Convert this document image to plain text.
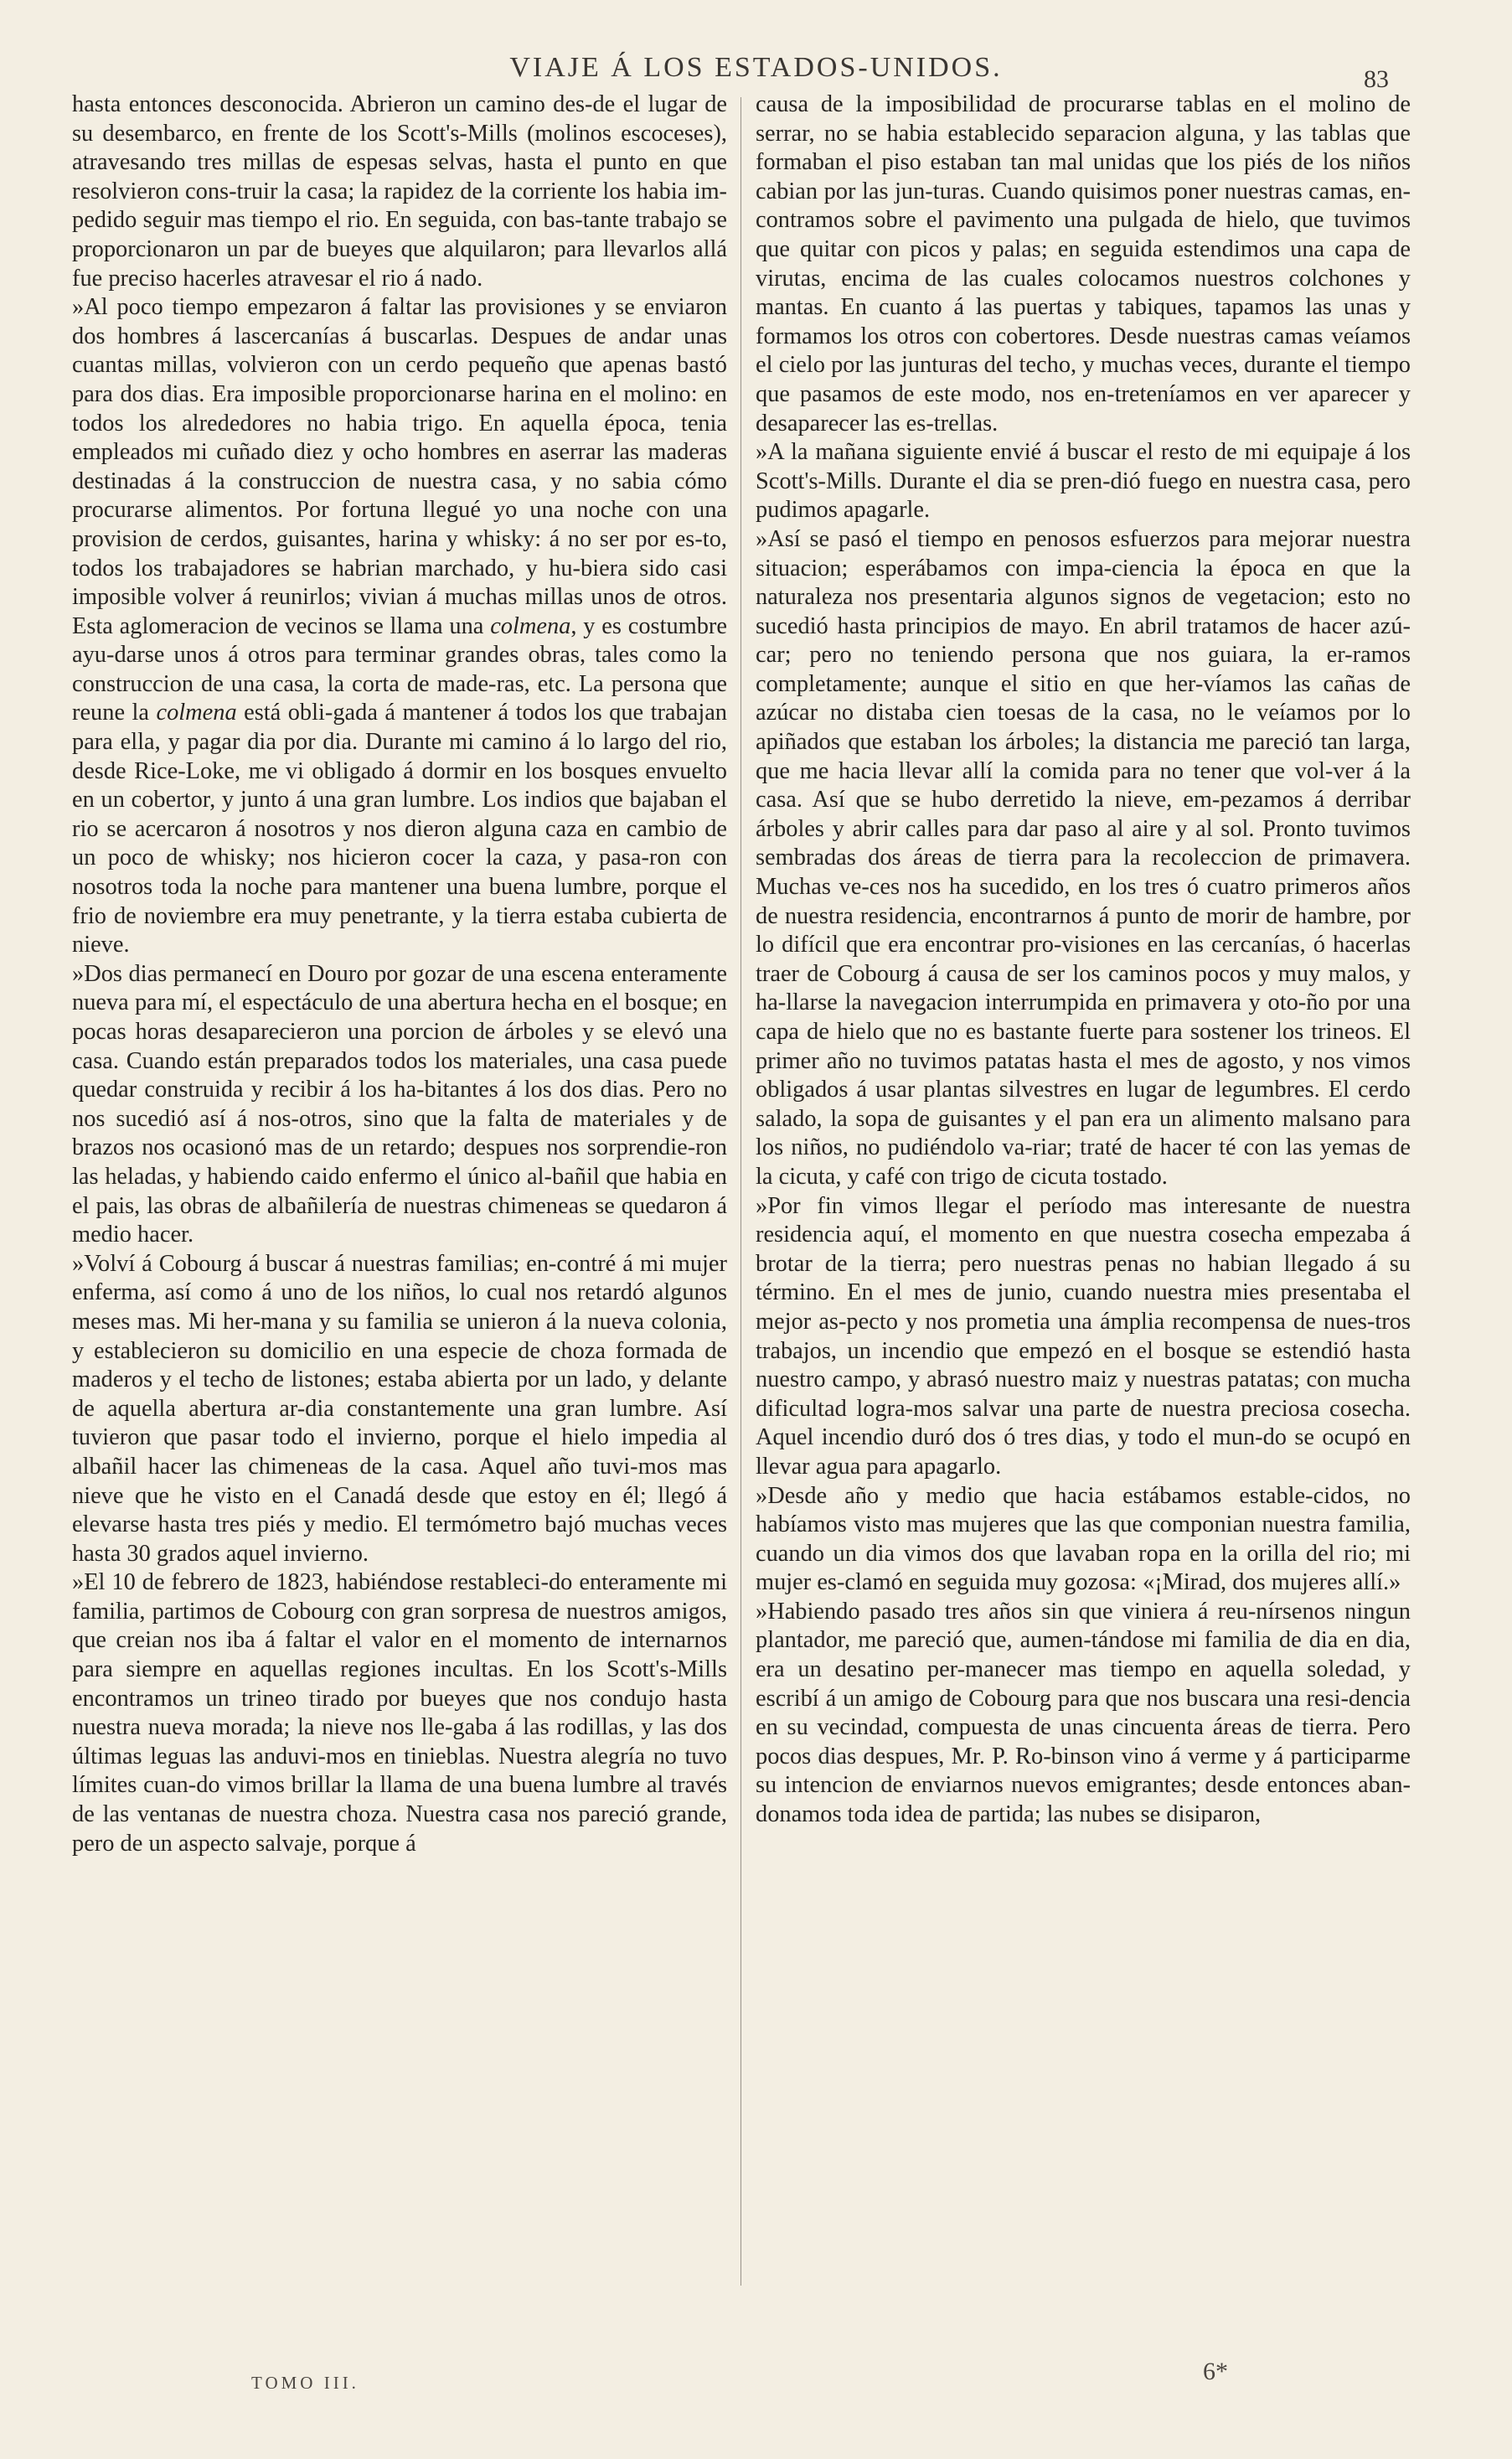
VIAJE Á LOS ESTADOS-UNIDOS.	83

hasta entonces desconocida. Abrieron un camino des-de el lugar de su desembarco, en frente de los Scott's-Mills (molinos escoceses), atravesando tres millas de espesas selvas, hasta el punto en que resolvieron cons-truir la casa; la rapidez de la corriente los habia im-pedido seguir mas tiempo el rio. En seguida, con bas-tante trabajo se proporcionaron un par de bueyes que alquilaron; para llevarlos allá fue preciso hacerles atravesar el rio á nado.

»Al poco tiempo empezaron á faltar las provisiones y se enviaron dos hombres á lascercanías á buscarlas. Despues de andar unas cuantas millas, volvieron con un cerdo pequeño que apenas bastó para dos dias. Era imposible proporcionarse harina en el molino: en todos los alrededores no habia trigo. En aquella época, tenia empleados mi cuñado diez y ocho hombres en aserrar las maderas destinadas á la construccion de nuestra casa, y no sabia cómo procurarse alimentos. Por fortuna llegué yo una noche con una provision de cerdos, guisantes, harina y whisky: á no ser por es-to, todos los trabajadores se habrian marchado, y hu-biera sido casi imposible volver á reunirlos; vivian á muchas millas unos de otros. Esta aglomeracion de vecinos se llama una colmena, y es costumbre ayu-darse unos á otros para terminar grandes obras, tales como la construccion de una casa, la corta de made-ras, etc. La persona que reune la colmena está obli-gada á mantener á todos los que trabajan para ella, y pagar dia por dia. Durante mi camino á lo largo del rio, desde Rice-Loke, me vi obligado á dormir en los bosques envuelto en un cobertor, y junto á una gran lumbre. Los indios que bajaban el rio se acercaron á nosotros y nos dieron alguna caza en cambio de un poco de whisky; nos hicieron cocer la caza, y pasa-ron con nosotros toda la noche para mantener una buena lumbre, porque el frio de noviembre era muy penetrante, y la tierra estaba cubierta de nieve.

»Dos dias permanecí en Douro por gozar de una escena enteramente nueva para mí, el espectáculo de una abertura hecha en el bosque; en pocas horas desaparecieron una porcion de árboles y se elevó una casa. Cuando están preparados todos los materiales, una casa puede quedar construida y recibir á los ha-bitantes á los dos dias. Pero no nos sucedió así á nos-otros, sino que la falta de materiales y de brazos nos ocasionó mas de un retardo; despues nos sorprendie-ron las heladas, y habiendo caido enfermo el único al-bañil que habia en el pais, las obras de albañilería de nuestras chimeneas se quedaron á medio hacer.

»Volví á Cobourg á buscar á nuestras familias; en-contré á mi mujer enferma, así como á uno de los niños, lo cual nos retardó algunos meses mas. Mi her-mana y su familia se unieron á la nueva colonia, y establecieron su domicilio en una especie de choza formada de maderos y el techo de listones; estaba abierta por un lado, y delante de aquella abertura ar-dia constantemente una gran lumbre. Así tuvieron que pasar todo el invierno, porque el hielo impedia al albañil hacer las chimeneas de la casa. Aquel año tuvi-mos mas nieve que he visto en el Canadá desde que estoy en él; llegó á elevarse hasta tres piés y medio. El termómetro bajó muchas veces hasta 30 grados aquel invierno.

»El 10 de febrero de 1823, habiéndose restableci-do enteramente mi familia, partimos de Cobourg con gran sorpresa de nuestros amigos, que creian nos iba á faltar el valor en el momento de internarnos para siempre en aquellas regiones incultas. En los Scott's-Mills encontramos un trineo tirado por bueyes que nos condujo hasta nuestra nueva morada; la nieve nos lle-gaba á las rodillas, y las dos últimas leguas las anduvi-mos en tinieblas. Nuestra alegría no tuvo límites cuan-do vimos brillar la llama de una buena lumbre al través de las ventanas de nuestra choza. Nuestra casa nos pareció grande, pero de un aspecto salvaje, porque á

causa de la imposibilidad de procurarse tablas en el molino de serrar, no se habia establecido separacion alguna, y las tablas que formaban el piso estaban tan mal unidas que los piés de los niños cabian por las jun-turas. Cuando quisimos poner nuestras camas, en-contramos sobre el pavimento una pulgada de hielo, que tuvimos que quitar con picos y palas; en seguida estendimos una capa de virutas, encima de las cuales colocamos nuestros colchones y mantas. En cuanto á las puertas y tabiques, tapamos las unas y formamos los otros con cobertores. Desde nuestras camas veíamos el cielo por las junturas del techo, y muchas veces, durante el tiempo que pasamos de este modo, nos en-treteníamos en ver aparecer y desaparecer las es-trellas.

»A la mañana siguiente envié á buscar el resto de mi equipaje á los Scott's-Mills. Durante el dia se pren-dió fuego en nuestra casa, pero pudimos apagarle.

»Así se pasó el tiempo en penosos esfuerzos para mejorar nuestra situacion; esperábamos con impa-ciencia la época en que la naturaleza nos presentaria algunos signos de vegetacion; esto no sucedió hasta principios de mayo. En abril tratamos de hacer azú-car; pero no teniendo persona que nos guiara, la er-ramos completamente; aunque el sitio en que her-víamos las cañas de azúcar no distaba cien toesas de la casa, no le veíamos por lo apiñados que estaban los árboles; la distancia me pareció tan larga, que me hacia llevar allí la comida para no tener que vol-ver á la casa. Así que se hubo derretido la nieve, em-pezamos á derribar árboles y abrir calles para dar paso al aire y al sol. Pronto tuvimos sembradas dos áreas de tierra para la recoleccion de primavera. Muchas ve-ces nos ha sucedido, en los tres ó cuatro primeros años de nuestra residencia, encontrarnos á punto de morir de hambre, por lo difícil que era encontrar pro-visiones en las cercanías, ó hacerlas traer de Cobourg á causa de ser los caminos pocos y muy malos, y ha-llarse la navegacion interrumpida en primavera y oto-ño por una capa de hielo que no es bastante fuerte para sostener los trineos. El primer año no tuvimos patatas hasta el mes de agosto, y nos vimos obligados á usar plantas silvestres en lugar de legumbres. El cerdo salado, la sopa de guisantes y el pan era un alimento malsano para los niños, no pudiéndolo va-riar; traté de hacer té con las yemas de la cicuta, y café con trigo de cicuta tostado.

»Por fin vimos llegar el período mas interesante de nuestra residencia aquí, el momento en que nuestra cosecha empezaba á brotar de la tierra; pero nuestras penas no habian llegado á su término. En el mes de junio, cuando nuestra mies presentaba el mejor as-pecto y nos prometia una ámplia recompensa de nues-tros trabajos, un incendio que empezó en el bosque se estendió hasta nuestro campo, y abrasó nuestro maiz y nuestras patatas; con mucha dificultad logra-mos salvar una parte de nuestra preciosa cosecha. Aquel incendio duró dos ó tres dias, y todo el mun-do se ocupó en llevar agua para apagarlo.

»Desde año y medio que hacia estábamos estable-cidos, no habíamos visto mas mujeres que las que componian nuestra familia, cuando un dia vimos dos que lavaban ropa en la orilla del rio; mi mujer es-clamó en seguida muy gozosa: «¡Mirad, dos mujeres allí.»

»Habiendo pasado tres años sin que viniera á reu-nírsenos ningun plantador, me pareció que, aumen-tándose mi familia de dia en dia, era un desatino per-manecer mas tiempo en aquella soledad, y escribí á un amigo de Cobourg para que nos buscara una resi-dencia en su vecindad, compuesta de unas cincuenta áreas de tierra. Pero pocos dias despues, Mr. P. Ro-binson vino á verme y á participarme su intencion de enviarnos nuevos emigrantes; desde entonces aban-donamos toda idea de partida; las nubes se disiparon,

TOMO III.	6*
